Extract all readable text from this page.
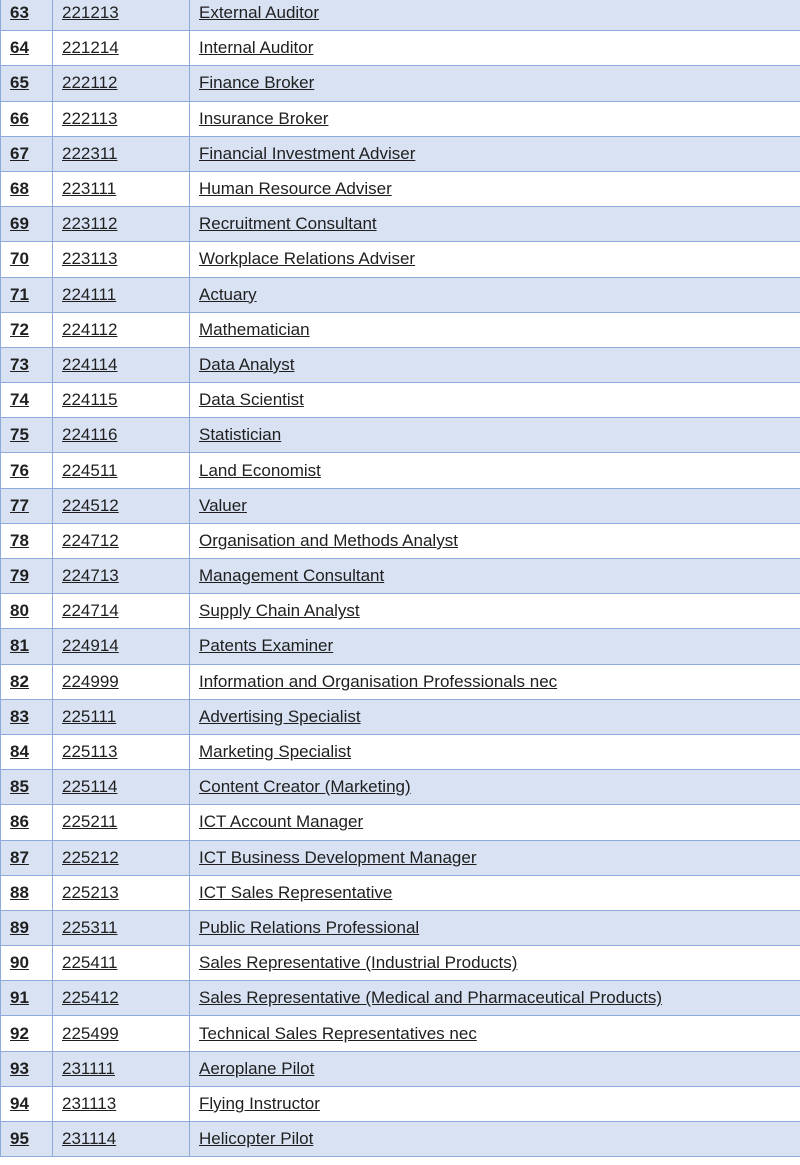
63	221213	External Auditor
64	221214	Internal Auditor
65	222112	Finance Broker
66	222113	Insurance Broker
67	222311	Financial Investment Adviser
68	223111	Human Resource Adviser
69	223112	Recruitment Consultant
70	223113	Workplace Relations Adviser
71	224111	Actuary
72	224112	Mathematician
73	224114	Data Analyst
74	224115	Data Scientist
75	224116	Statistician
76	224511	Land Economist
77	224512	Valuer
78	224712	Organisation and Methods Analyst
79	224713	Management Consultant
80	224714	Supply Chain Analyst
81	224914	Patents Examiner
82	224999	Information and Organisation Professionals nec
83	225111	Advertising Specialist
84	225113	Marketing Specialist
85	225114	Content Creator (Marketing)
86	225211	ICT Account Manager
87	225212	ICT Business Development Manager
88	225213	ICT Sales Representative
89	225311	Public Relations Professional
90	225411	Sales Representative (Industrial Products)
91	225412	Sales Representative (Medical and Pharmaceutical Products)
92	225499	Technical Sales Representatives nec
93	231111	Aeroplane Pilot
94	231113	Flying Instructor
95	231114	Helicopter Pilot
